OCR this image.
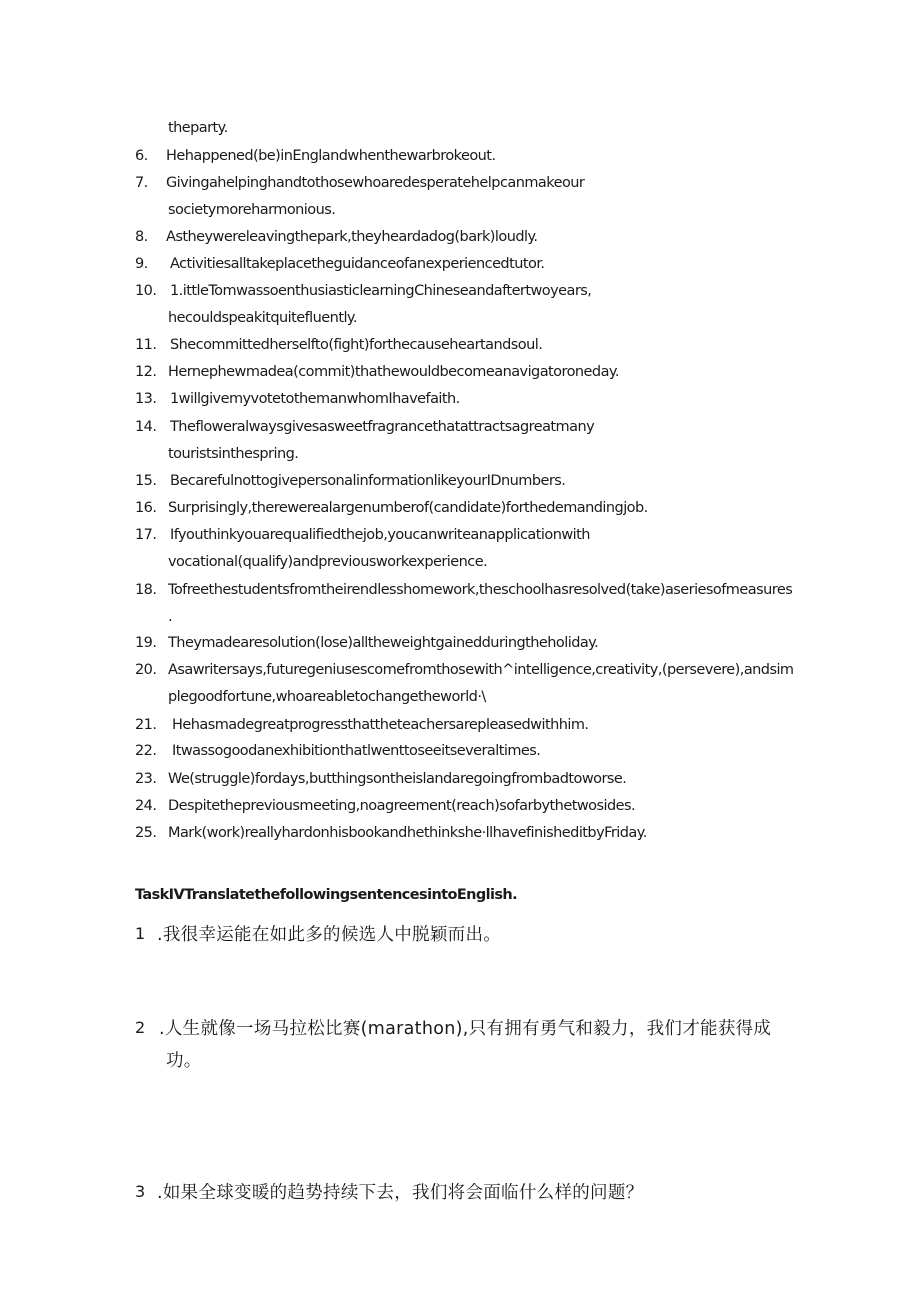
theparty.
6. Hehappened(be)inEnglandwhenthewarbrokeout.
7. Givingahelpinghandtothosewhoaredesperatehelpcanmakeour
societymoreharmonious.
8. Astheywereleavingthepark,theyheardadog(bark)loudly.
9. Activitiesalltakeplacetheguidanceofanexperiencedtutor.
10. 1.ittleTomwassoenthusiasticlearningChineseandaftertwoyears,
hecouldspeakitquitefluently.
11. Shecommittedherselfto(fight)forthecauseheartandsoul.
12. Hernephewmadea(commit)thathewouldbecomeanavigatoroneday.
13. 1willgivemyvotetothemanwhomIhavefaith.
14. Thefloweralwaysgivesasweetfragrancethatattractsagreatmany
touristsinthespring.
15. BecarefulnottogivepersonalinformationlikeyourIDnumbers.
16. Surprisingly,therewerealargenumberof(candidate)forthedemandingjob.
17. Ifyouthinkyouarequalifiedthejob,youcanwriteanapplicationwith
vocational(qualify)andpreviousworkexperience.
18. Tofreethestudentsfromtheirendlesshomework,theschoolhasresolved(take)aseriesofmeasures
.
19. Theymadearesolution(lose)alltheweightgainedduringtheholiday.
20. Asawritersays,futuregeniusescomefromthosewith^intelligence,creativity,(persevere),andsim
plegoodfortune,whoareabletochangetheworld·\
21. Hehasmadegreatprogressthattheteachersarepleasedwithhim.
22. Itwassogoodanexhibitionthatlwenttoseeitseveraltimes.
23. We(struggle)fordays,butthingsontheislandaregoingfrombadtoworse.
24. Despitethepreviousmeeting,noagreement(reach)sofarbythetwosides.
25. Mark(work)reallyhardonhisbookandhethinkshe·llhavefinisheditbyFriday.
TaskIVTranslatethefollowingsentencesintoEnglish.
1 .我很幸运能在如此多的候选人中脱颖而出。
2 .人生就像一场马拉松比赛(marathon),只有拥有勇气和毅力，我们才能获得成
功。
3 .如果全球变暖的趋势持续下去，我们将会面临什么样的问题？
